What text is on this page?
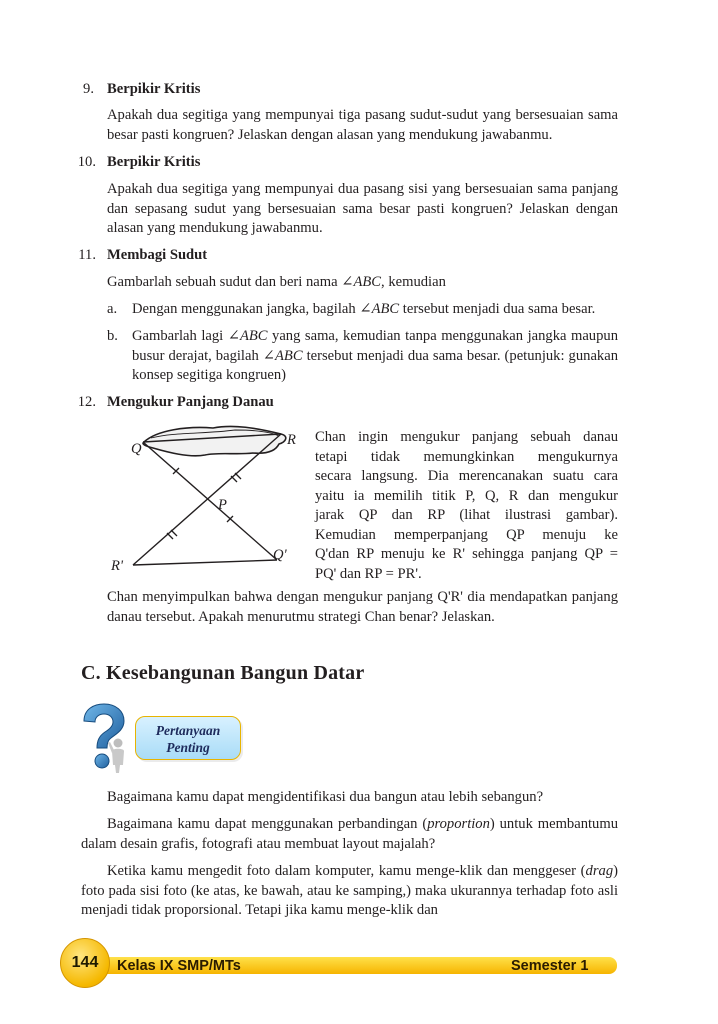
9. Berpikir Kritis
Apakah dua segitiga yang mempunyai tiga pasang sudut-sudut yang bersesuaian sama besar pasti kongruen? Jelaskan dengan alasan yang mendukung jawabanmu.
10. Berpikir Kritis
Apakah dua segitiga yang mempunyai dua pasang sisi yang bersesuaian sama panjang dan sepasang sudut yang bersesuaian sama besar pasti kongruen? Jelaskan dengan alasan yang mendukung jawabanmu.
11. Membagi Sudut
Gambarlah sebuah sudut dan beri nama ∠ABC, kemudian
a. Dengan menggunakan jangka, bagilah ∠ABC tersebut menjadi dua sama besar.
b. Gambarlah lagi ∠ABC yang sama, kemudian tanpa menggunakan jangka maupun busur derajat, bagilah ∠ABC tersebut menjadi dua sama besar. (petunjuk: gunakan konsep segitiga kongruen)
12. Mengukur Panjang Danau
Q
R
P
Q'
R'
Chan ingin mengukur panjang sebuah danau
tetapi tidak memungkinkan mengukurnya
secara langsung. Dia merencanakan suatu cara
yaitu ia memilih titik P, Q, R dan mengukur
jarak QP dan RP (lihat ilustrasi gambar).
Kemudian memperpanjang QP menuju ke
Q'dan RP menuju ke R' sehingga panjang QP =
PQ' dan RP = PR'.
Chan menyimpulkan bahwa dengan mengukur panjang Q'R' dia mendapatkan panjang danau tersebut. Apakah menurutmu strategi Chan benar? Jelaskan.
C. Kesebangunan Bangun Datar
Pertanyaan
Penting
Bagaimana kamu dapat mengidentifikasi dua bangun atau lebih sebangun?
Bagaimana kamu dapat menggunakan perbandingan (proportion) untuk membantumu dalam desain grafis, fotografi atau membuat layout majalah?
Ketika kamu mengedit foto dalam komputer, kamu menge-klik dan menggeser (drag) foto pada sisi foto (ke atas, ke bawah, atau ke samping,) maka ukurannya terhadap foto asli menjadi tidak proporsional. Tetapi jika kamu menge-klik dan
144	Kelas IX SMP/MTs	Semester 1
